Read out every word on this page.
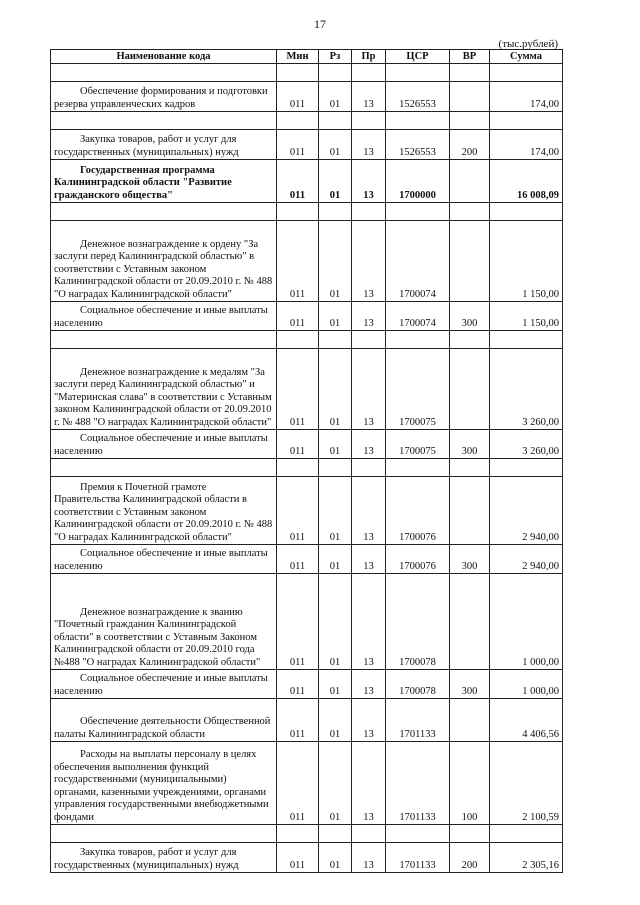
17
(тыс.рублей)
Наименование кода	Мин	Рз	Пр	ЦСР	ВР	Сумма

Обеспечение формирования и подготовки резерва управленческих кадров	011	01	13	1526553		174,00

Закупка товаров, работ и услуг для государственных (муниципальных) нужд	011	01	13	1526553	200	174,00
Государственная программа Калининградской области "Развитие гражданского общества"	011	01	13	1700000		16 008,09

Денежное вознаграждение к ордену "За заслуги перед Калининградской областью" в соответствии с Уставным законом Калининградской области от 20.09.2010 г. № 488 "О наградах Калининградской области"	011	01	13	1700074		1 150,00
Социальное обеспечение и иные выплаты населению	011	01	13	1700074	300	1 150,00

Денежное вознаграждение к медалям "За заслуги перед Калининградской областью" и "Материнская слава" в соответствии с Уставным законом Калининградской области от 20.09.2010 г. № 488 "О наградах Калининградской области"	011	01	13	1700075		3 260,00
Социальное обеспечение и иные выплаты населению	011	01	13	1700075	300	3 260,00

Премия к Почетной грамоте Правительства Калининградской области в соответствии с Уставным законом Калининградской области от 20.09.2010 г. № 488 "О наградах Калининградской области"	011	01	13	1700076		2 940,00
Социальное обеспечение и иные выплаты населению	011	01	13	1700076	300	2 940,00
Денежное вознаграждение к званию "Почетный гражданин Калининградской области" в соответствии с Уставным Законом Калининградской области от 20.09.2010 года №488 "О наградах Калининградской области"	011	01	13	1700078		1 000,00
Социальное обеспечение и иные выплаты населению	011	01	13	1700078	300	1 000,00
Обеспечение деятельности Общественной палаты Калининградской области	011	01	13	1701133		4 406,56
Расходы на выплаты персоналу в целях обеспечения выполнения функций государственными (муниципальными) органами, казенными учреждениями, органами управления государственными внебюджетными фондами	011	01	13	1701133	100	2 100,59

Закупка товаров, работ и услуг для государственных (муниципальных) нужд	011	01	13	1701133	200	2 305,16
